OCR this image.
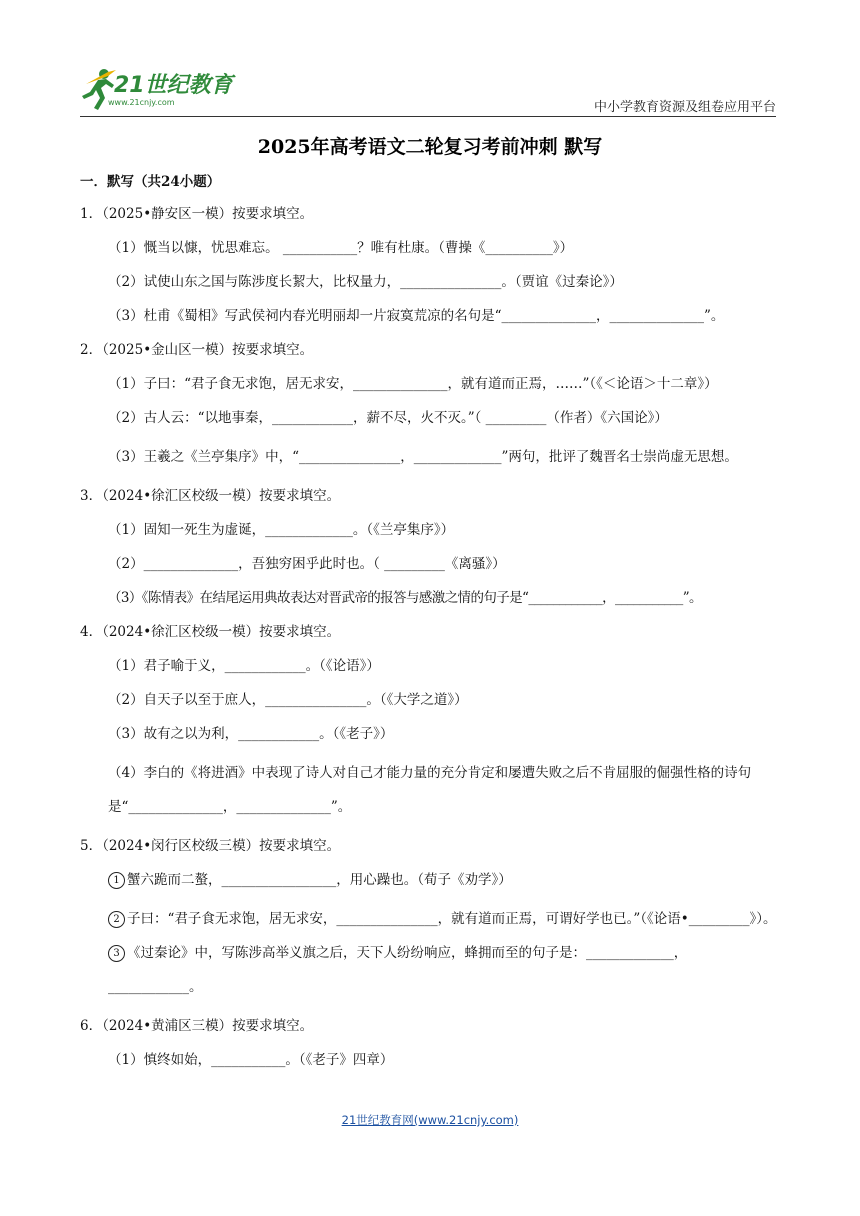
21世纪教育
www.21cnjy.com	中小学教育资源及组卷应用平台
2025年高考语文二轮复习考前冲刺 默写
一．默写（共24小题）
1．（2025•静安区一模）按要求填空。
（1）慨当以慷，忧思难忘。 ___________？唯有杜康。（曹操《__________》）
（2）试使山东之国与陈涉度长絜大，比权量力，_______________。（贾谊《过秦论》）
（3）杜甫《蜀相》写武侯祠内春光明丽却一片寂寞荒凉的名句是“______________，______________”。
2．（2025•金山区一模）按要求填空。
（1）子曰：“君子食无求饱，居无求安，______________，就有道而正焉，……”（《＜论语＞十二章》）
（2）古人云：“以地事秦，____________，薪不尽，火不灭。”（ _________（作者）《六国论》）
（3）王羲之《兰亭集序》中，“_______________，_____________”两句，批评了魏晋名士崇尚虚无思想。
3．（2024•徐汇区校级一模）按要求填空。
（1）固知一死生为虚诞，_____________。（《兰亭集序》）
（2）______________，吾独穷困乎此时也。（ _________《离骚》）
（3）《陈情表》在结尾运用典故表达对晋武帝的报答与感激之情的句子是“____________，___________”。
4．（2024•徐汇区校级一模）按要求填空。
（1）君子喻于义，____________。（《论语》）
（2）自天子以至于庶人，_______________。（《大学之道》）
（3）故有之以为利，____________。（《老子》）
（4）李白的《将进酒》中表现了诗人对自己才能力量的充分肯定和屡遭失败之后不肯屈服的倔强性格的诗句是“______________，______________”。
5．（2024•闵行区校级三模）按要求填空。
1 蟹六跪而二螯，_________________，用心躁也。（荀子《劝学》）
2 子曰：“君子食无求饱，居无求安，_______________，就有道而正焉，可谓好学也已。”（《论语•_________》）。
3 《过秦论》中，写陈涉高举义旗之后，天下人纷纷响应，蜂拥而至的句子是：_____________，____________。
6．（2024•黄浦区三模）按要求填空。
（1）慎终如始，___________。（《老子》四章）
21世纪教育网(www.21cnjy.com)
